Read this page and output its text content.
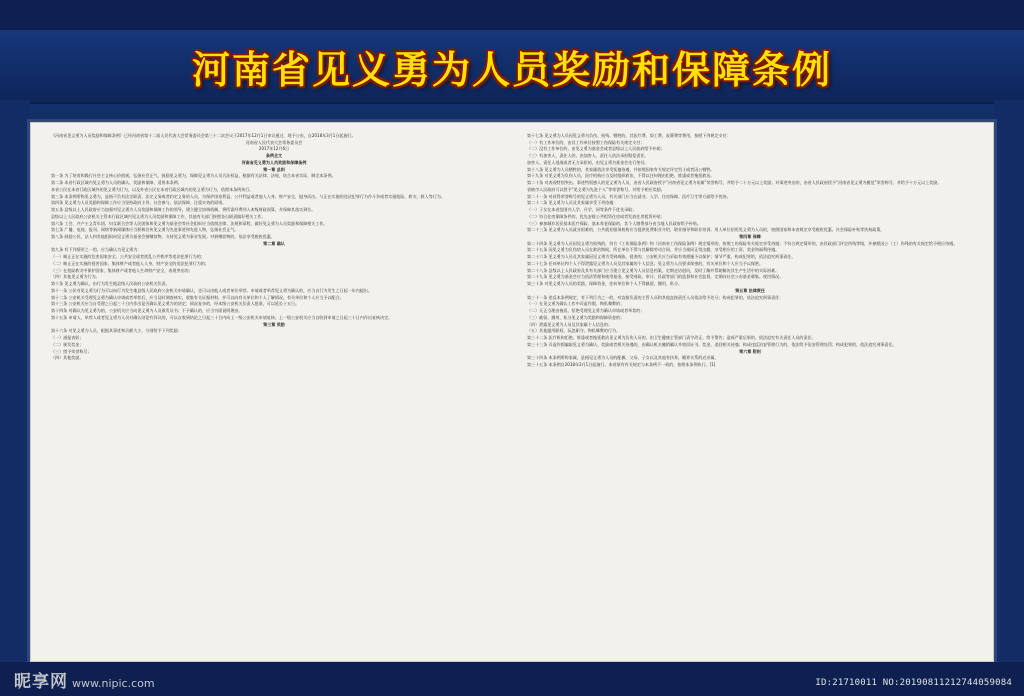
河南省见义勇为人员奖励和保障条例

《河南省见义勇为人员奖励和保障条例》已经河南省第十二届人民代表大会常务委员会第三十二次会议于2017年12月1日审议通过，现予公布，自2018年3月1日起施行。

河南省人民代表大会常务委员会

2017年12月6日

条例全文

河南省见义勇为人员奖励和保障条例

第一章 总则

第一条 为了培育和践行社会主义核心价值观、弘扬社会正气，鼓励见义勇为，保障见义勇为人员合法权益，根据有关法律、法规，结合本省实际，制定本条例。

第二条 本省行政区域内见义勇为人员的确认、奖励和保障，适用本条例。

本省公民在本省行政区域外的见义勇为行为，以及外省公民在本省行政区域内的见义勇为行为，依照本条例执行。

第三条 本条例所称见义勇为，是指不负有法定职责、法定义务或者约定义务的人员，为保护国家利益、公共利益或者他人人身、财产安全，挺身而出，与正在实施的违法犯罪行为作斗争或者实施抢险、救灾、救人等行为。

第四条 见义勇为人员奖励和保障工作应当坚持政府主导、社会参与、依法保障、注重实效的原则。

第五条 县级以上人民政府应当加强对见义勇为人员奖励和保障工作的领导，建立健全协调机制，将所需经费列入本级财政预算，并保障其落实到位。

县级以上人民政府公安机关主管本行政区域内见义勇为人员奖励和保障工作，其他有关部门按照各自职责做好相关工作。

第六条 工会、共产主义青年团、妇女联合会等人民团体和见义勇为基金会等社会组织应当依照法律、法规和章程，做好见义勇为人员奖励和保障相关工作。

第七条 广播、电视、报刊、网络等新闻媒体应当积极宣传见义勇为先进事迹和先进人物，弘扬社会正气。

第八条 鼓励公民、法人和其他组织向见义勇为基金会捐赠款物，支持见义勇为事业发展。对捐赠款物的，依法享受税收优惠。

第二章 确认

第九条 有下列情形之一的，应当确认为见义勇为：

（一）制止正在实施的危害国家安全、公共安全或者扰乱公共秩序等违法犯罪行为的；

（二）制止正在实施的侵害国家、集体财产或者他人人身、财产安全的违法犯罪行为的；

（三）在抢险救灾中保护国家、集体财产或者他人生命财产安全，表现突出的；

（四）其他见义勇为行为。

第十条 见义勇为确认，由行为发生地县级人民政府公安机关负责。

第十一条 公民对见义勇为行为可以向行为发生地县级人民政府公安机关申请确认，也可以由他人或者单位举荐。申请或者举荐见义勇为确认的，应当自行为发生之日起一年内提出。

第十二条 公安机关受理见义勇为确认申请或者举荐后，应当及时调查核实，收集有关证据材料，并可以向有关单位和个人了解情况，有关单位和个人应当予以配合。

第十三条 公安机关应当自受理之日起三十日内作出是否确认见义勇为的决定；情况复杂的，经本级公安机关负责人批准，可以延长十五日。

第十四条 对确认为见义勇为的，公安机关应当向见义勇为人员颁发证书；不予确认的，应当书面说明理由。

第十五条 申请人、举荐人或者见义勇为人员对确认结论有异议的，可以自收到结论之日起三十日内向上一级公安机关申请复核。上一级公安机关应当自收到申请之日起三十日内作出复核决定。

第三章 奖励

第十六条 对见义勇为人员，根据其事迹和贡献大小，分别给予下列奖励：

（一）通报表彰；

（二）颁发奖金；

（三）授予荣誉称号；

（四）其他奖励。

第十七条 见义勇为人员因见义勇为负伤、致残、牺牲的，其医疗费、误工费、丧葬费等费用，按照下列规定支付：

（一）有工作单位的，由其工作单位按照工伤保险有关规定支付；

（二）没有工作单位的，由见义勇为基金会或者县级以上人民政府给予补助；

（三）有加害人、责任人的，由加害人、责任人依法承担赔偿责任。

加害人、责任人逃逸或者无力承担的，由见义勇为基金会先行垫付。

第十八条 见义勇为人员牺牲的，其家属依法享受抚恤待遇，并按照国家有关规定评定烈士或者因公牺牲。

第十九条 对见义勇为负伤人员，医疗机构应当及时组织救治，不得以任何理由拒绝、推诿或者拖延救治。

第二十条 对表现特别突出、事迹特别感人的见义勇为人员，由省人民政府授予“河南省见义勇为英雄”荣誉称号，并给予二十万元以上奖励；对事迹突出的，由省人民政府授予“河南省见义勇为模范”荣誉称号，并给予十万元以上奖励。

省辖市人民政府可以授予“见义勇为先进个人”等荣誉称号，并给予相应奖励。

第二十一条 对获得荣誉称号的见义勇为人员，有关部门应当在就业、入学、住房保障、医疗卫生等方面给予优待。

第二十二条 见义勇为人员及其家属享受下列待遇：

（一）子女在本省范围内入学、升学，同等条件下优先录取；

（二）符合住房保障条件的，优先安排公共租赁住房或者发放住房租赁补贴；

（三）参加城乡居民基本医疗保险、基本养老保险的，其个人缴费部分由当地人民政府给予补贴。

第二十三条 见义勇为人员就业困难的，公共就业服务机构应当提供免费职业介绍、职业指导和职业培训。用人单位招用见义勇为人员的，按照国家和本省规定享受税收优惠、社会保险补贴等扶持政策。

第四章 保障

第二十四条 见义勇为人员因见义勇为致残的，符合《工伤保险条例》和《河南省工伤保险条例》规定情形的，按照工伤保险有关规定享受待遇；不符合规定情形的，由民政部门评定伤残等级，并参照因公（工）伤残的有关规定给予相应待遇。

第二十五条 因见义勇为负伤的人员在救治期间，所在单位不得与其解除劳动合同，并应当视同正常出勤，享受相应的工资、奖金和福利待遇。

第二十六条 见义勇为人员及其家属因见义勇为受到威胁、侵害的，公安机关应当采取有效措施予以保护；情节严重、构成犯罪的，依法追究刑事责任。

第二十七条 任何单位和个人不得泄露见义勇为人员及其家属的个人信息；见义勇为人员要求保密的，有关单位和个人应当予以保密。

第二十八条 县级以上人民政府及其有关部门应当建立见义勇为人员信息档案，定期走访慰问，及时了解并帮助解决其生产生活中的实际困难。

第二十九条 见义勇为基金会应当依法管理和使用基金，接受财政、审计、民政等部门的监督和社会监督，定期向社会公布基金募集、使用情况。

第三十条 对见义勇为人员的奖励、保障资金，任何单位和个人不得截留、挪用、私分。

第五章 法律责任

第三十一条 违反本条例规定，有下列行为之一的，对直接负责的主管人员和其他直接责任人员依法给予处分；构成犯罪的，依法追究刑事责任：

（一）在见义勇为确认工作中弄虚作假、徇私舞弊的；

（二）无正当理由拖延、拒绝受理见义勇为确认申请或者举荐的；

（三）截留、挪用、私分见义勇为奖励和保障资金的；

（四）泄露见义勇为人员及其家属个人信息的；

（五）其他滥用职权、玩忽职守、徇私舞弊的行为。

第三十二条 医疗机构拒绝、推诿或者拖延救治见义勇为负伤人员的，由卫生健康主管部门责令改正，给予警告；造成严重后果的，依法追究有关责任人员的责任。

第三十三条 弄虚作假骗取见义勇为确认、奖励或者相关待遇的，由确认机关撤销确认并收回证书、奖金，追回相关待遇；构成违反治安管理行为的，依法给予治安管理处罚；构成犯罪的，依法追究刑事责任。

第六章 附则

第三十四条 本条例所称家属，是指见义勇为人员的配偶、父母、子女以及其他有扶养、赡养关系的近亲属。

第三十五条 本条例自2018年3月1日起施行。本省原有有关规定与本条例不一致的，按照本条例执行。[1]

昵享网 www.nipic.com	ID:21710011 NO:20190811212744059084
